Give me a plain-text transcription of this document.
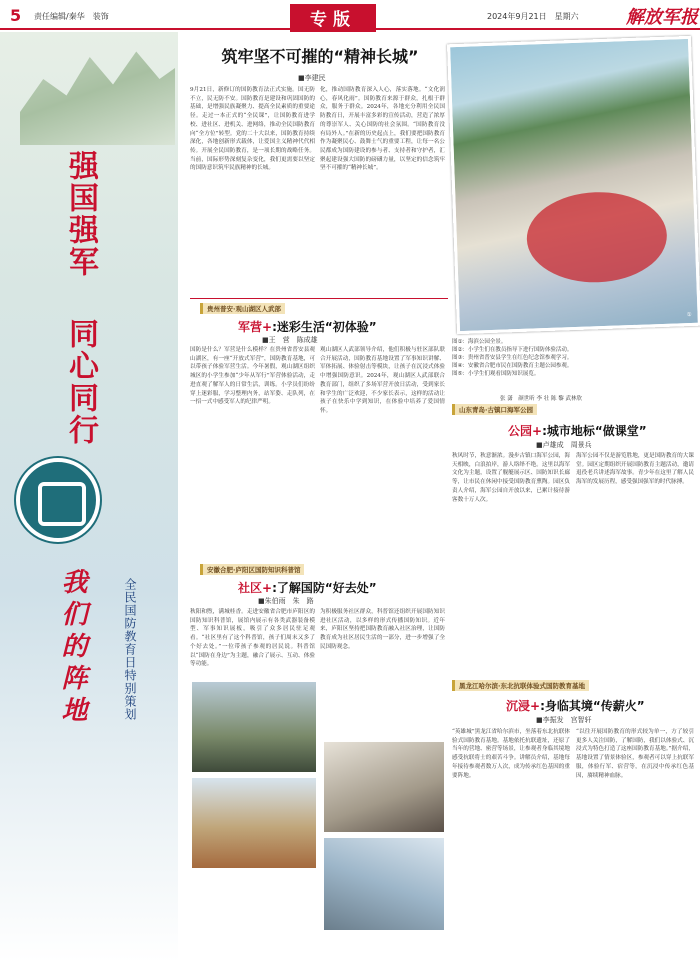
5 责任编辑/秦华　装饰	专版	2024年9月21日　星期六	解放军报
强国强军
同心同行
我们的阵地	全民国防教育日特别策划
筑牢坚不可摧的“精神长城”
■李建民
9月21日，新修订的国防教育法正式实施。国无防不立，民无防不安。国防教育是建设和巩固国防的基础，是增强民族凝聚力、提高全民素质的重要途径。走过一本正式的“全民课”，让国防教育进学校、进社区、进机关、进网络，推动全民国防教育向“全方位”转型。党的二十大以来，国防教育持续深化，各地创新形式载体，让爱国主义精神代代相传。开展全民国防教育，是一项长期的战略任务。当前，国际形势深刻复杂变化，我们更需要以坚定的国防意识筑牢民族精神的长城。
化，推动国防教育深入人心，落实落地。“文化润心，春风化雨”。国防教育来源于群众，扎根于群众，服务于群众。2024年，各地充分利用全民国防教育日，开展丰富多彩的宣传活动，营造了浓厚的尊崇军人、关心国防的社会氛围。“国防教育没有局外人。”在新的历史起点上，我们要把国防教育作为凝聚民心、鼓舞士气的重要工程，让每一名公民都成为国防建设的参与者、支持者和守护者，汇聚起建设强大国防的磅礴力量，以坚定的信念筑牢坚不可摧的“精神长城”。
①
图①：海滨公园全景。
图②：小学生们在教员指导下进行国防体验活动。
图③：贵州省普安县学生在红色纪念馆参观学习。
图④：安徽省合肥市民在国防教育主题公园参观。
图⑤：小学生们观看国防知识展览。
张 潇　颜世昕 李 壮 陈 黎 武林欣
贵州普安·观山湖区人武部
军营+:迷彩生活“初体验”
■王　营　陈成雄
国防是什么？军营是什么模样？在贵州省普安县观山湖区，有一座“开放式军营”，国防教育基地，可以带孩子体验军营生活。今年暑假，观山湖区组织城区的小学生参加“少年从军行”军营体验活动，走进直观了解军人的日常生活，训练。小学员们纷纷穿上迷彩服，学习整理内务，站军姿、走队列，在一招一式中感受军人的纪律严明。
观山湖区人武部领导介绍，他们积极与驻区部队联合开展活动，国防教育基地设置了军事知识讲解、军体拓展、体验射击等模块，让孩子在沉浸式体验中增强国防意识。2024年，观山湖区人武部联合教育部门，组织了多场军营开放日活动，受到家长和学生的广泛欢迎，不少家长表示，这样的活动让孩子在快乐中学到知识，在体验中培养了爱国情怀。	山东青岛·古镇口海军公园
公园+:城市地标“做课堂”
■卢雄成　周景兵
秋风时节，秋意渐浓。漫步古镇口海军公园，海天相映，白浪拍岸，游人络绎不绝。这里以海军文化为主题，设置了舰艇展示区、国防知识长廊等，让市民在休闲中接受国防教育熏陶。园区负责人介绍，海军公园自开放以来，已累计接待游客数十万人次。
海军公园不仅是游览胜地，更是国防教育的大课堂。园区定期组织开展国防教育主题活动，邀请退役老兵讲述海军故事。青少年在这里了解人民海军的发展历程，感受强国强军的时代脉搏。
安徽合肥·庐阳区国防知识科普馆
社区+:了解国防“好去处”
■朱伯雨　朱　路
秋阳和煦，满城桂香。走进安徽省合肥市庐阳区的国防知识科普馆，展馆内展示有各类武器装备模型、军事知识展板，吸引了众多居民驻足观看。“社区里有了这个科普馆，孩子们周末又多了个好去处。”一位带孩子参观的居民说。科普馆以“国防在身边”为主题，融合了展示、互动、体验等功能。
为积极服务社区群众，科普馆还组织开展国防知识进社区活动，以多样的形式传播国防知识。近年来，庐阳区坚持把国防教育融入社区治理，让国防教育成为社区居民生活的一部分，进一步增强了全民国防观念。
黑龙江哈尔滨·东北抗联体验式国防教育基地
沉浸+:身临其境“传薪火”
■李振发　宫智轩
“英雄城”黑龙江省哈尔滨市，坐落着东北抗联体验式国防教育基地。基地依托抗联遗址，还原了当年的营地、密营等场景，让参观者身临其境地感受抗联将士的艰苦斗争。讲解员介绍，基地每年接待参观者数万人次，成为传承红色基因的重要阵地。
“以往开展国防教育的形式较为单一，方了较引更多人关注国防，了解国防，我们以体验式、沉浸式为特色打造了这座国防教育基地。”据介绍，基地设置了情景体验区，参观者可以穿上抗联军服，体验行军、宿营等，在沉浸中传承红色基因，赓续精神血脉。
